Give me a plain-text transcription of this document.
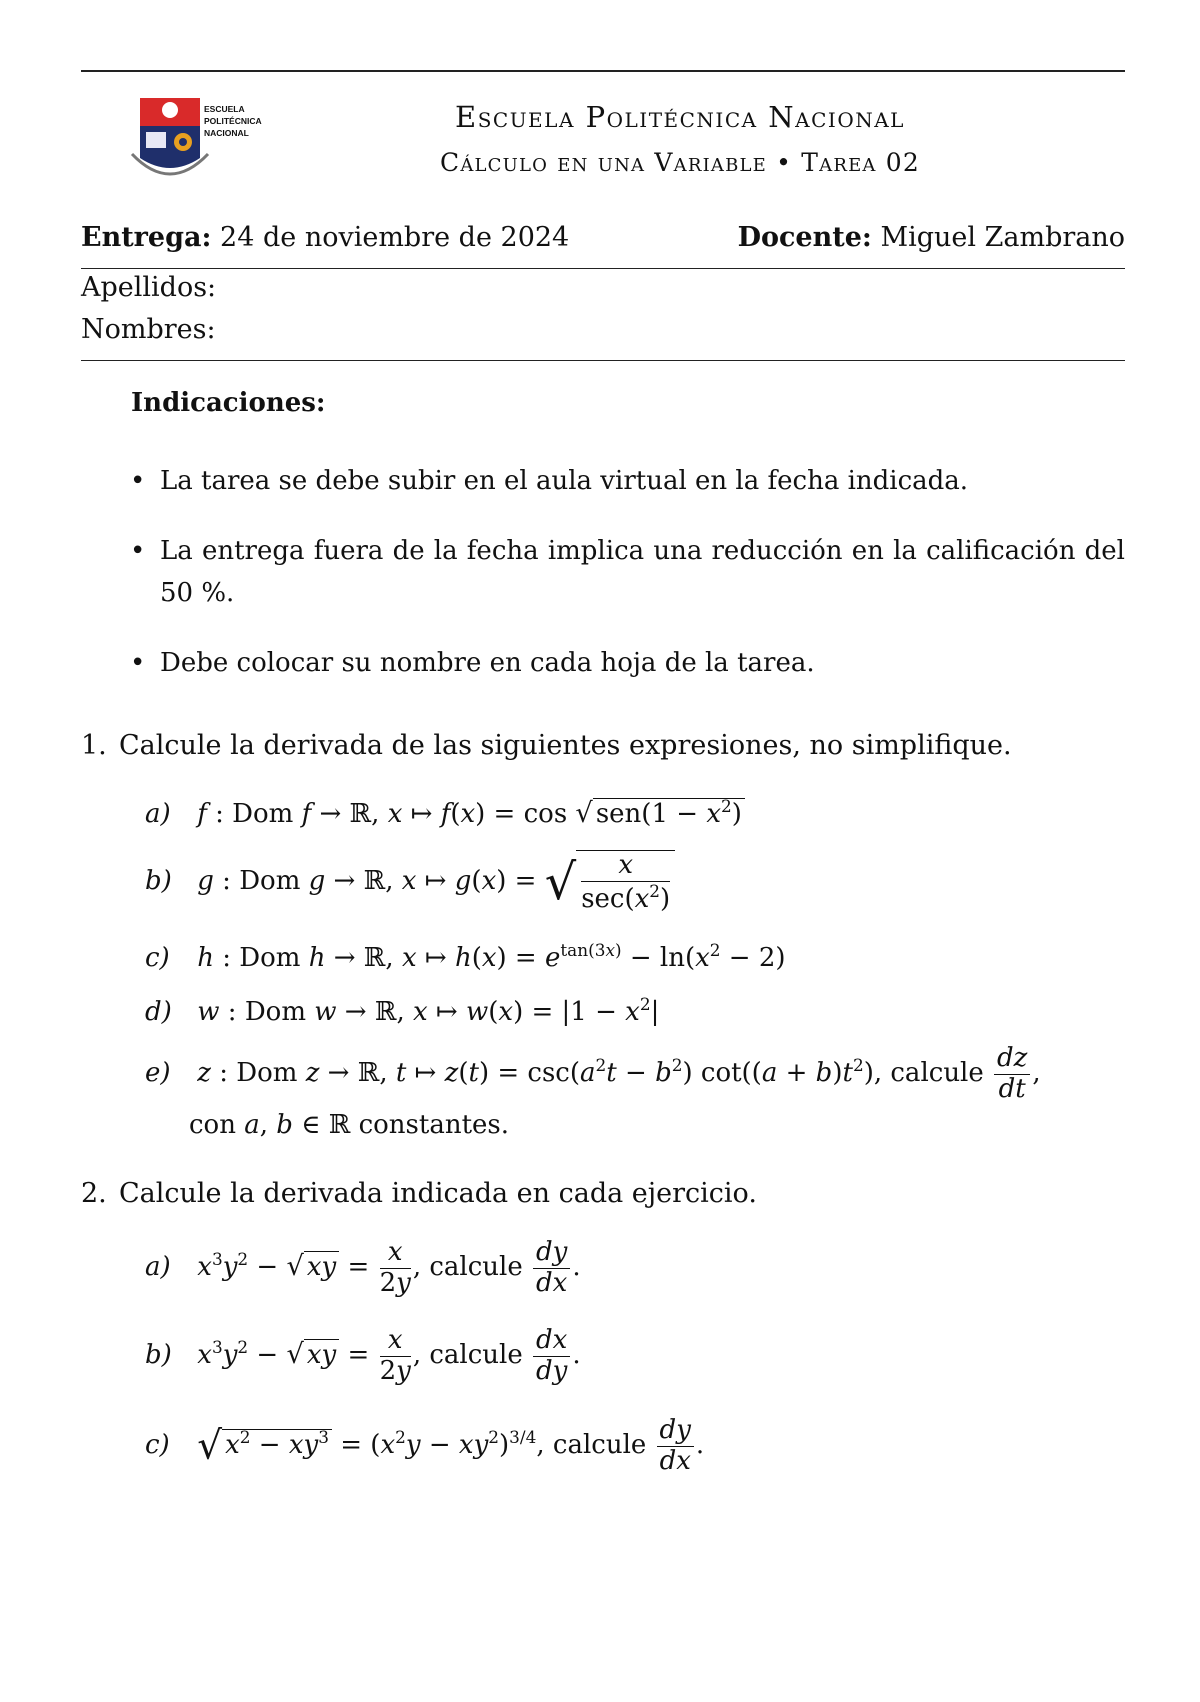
ESCUELA
POLITÉCNICA
NACIONAL	Escuela Politécnica Nacional
Cálculo en una Variable • Tarea 02
Entrega: 24 de noviembre de 2024	Docente: Miguel Zambrano
Apellidos:
Nombres:
Indicaciones:
• La tarea se debe subir en el aula virtual en la fecha indicada.
• La entrega fuera de la fecha implica una reducción en la calificación del 50 %.
• Debe colocar su nombre en cada hoja de la tarea.
1. Calcule la derivada de las siguientes expresiones, no simplifique.
a) f : Dom f → ℝ, x ↦ f(x) = cos √ $sen(1 - x^2)$
b) g : Dom g → ℝ, x ↦ g(x) = √ $\frac{x}{\sec(x^2)}$
c) h : Dom h → ℝ, x ↦ $h(x) = e^{tan(3x)} - \ln(x^2 - 2)$
d) w : Dom w → ℝ, x ↦ $w(x) = |1 - x^2|$
e) z : Dom z → ℝ, t ↦ $z(t) = \csc(a^2t - b^2) \cot((a + b)t^2)$, calcule $\frac{dz}{dt}$ ,
con a, b ∈ ℝ constantes.
2. Calcule la derivada indicada en cada ejercicio.
a) $x^3y^2$ − √ xy = $\frac{x}{2y}$ , calcule $\frac{dy}{dx}$ .
b) $x^3y^2$ − √ xy = $\frac{x}{2y}$ , calcule $\frac{dx}{dy}$ .
c) √ $x^2 - xy^3 = (x^2y - xy^2)^{3/4}$, calcule $\frac{dy}{dx}$ .
